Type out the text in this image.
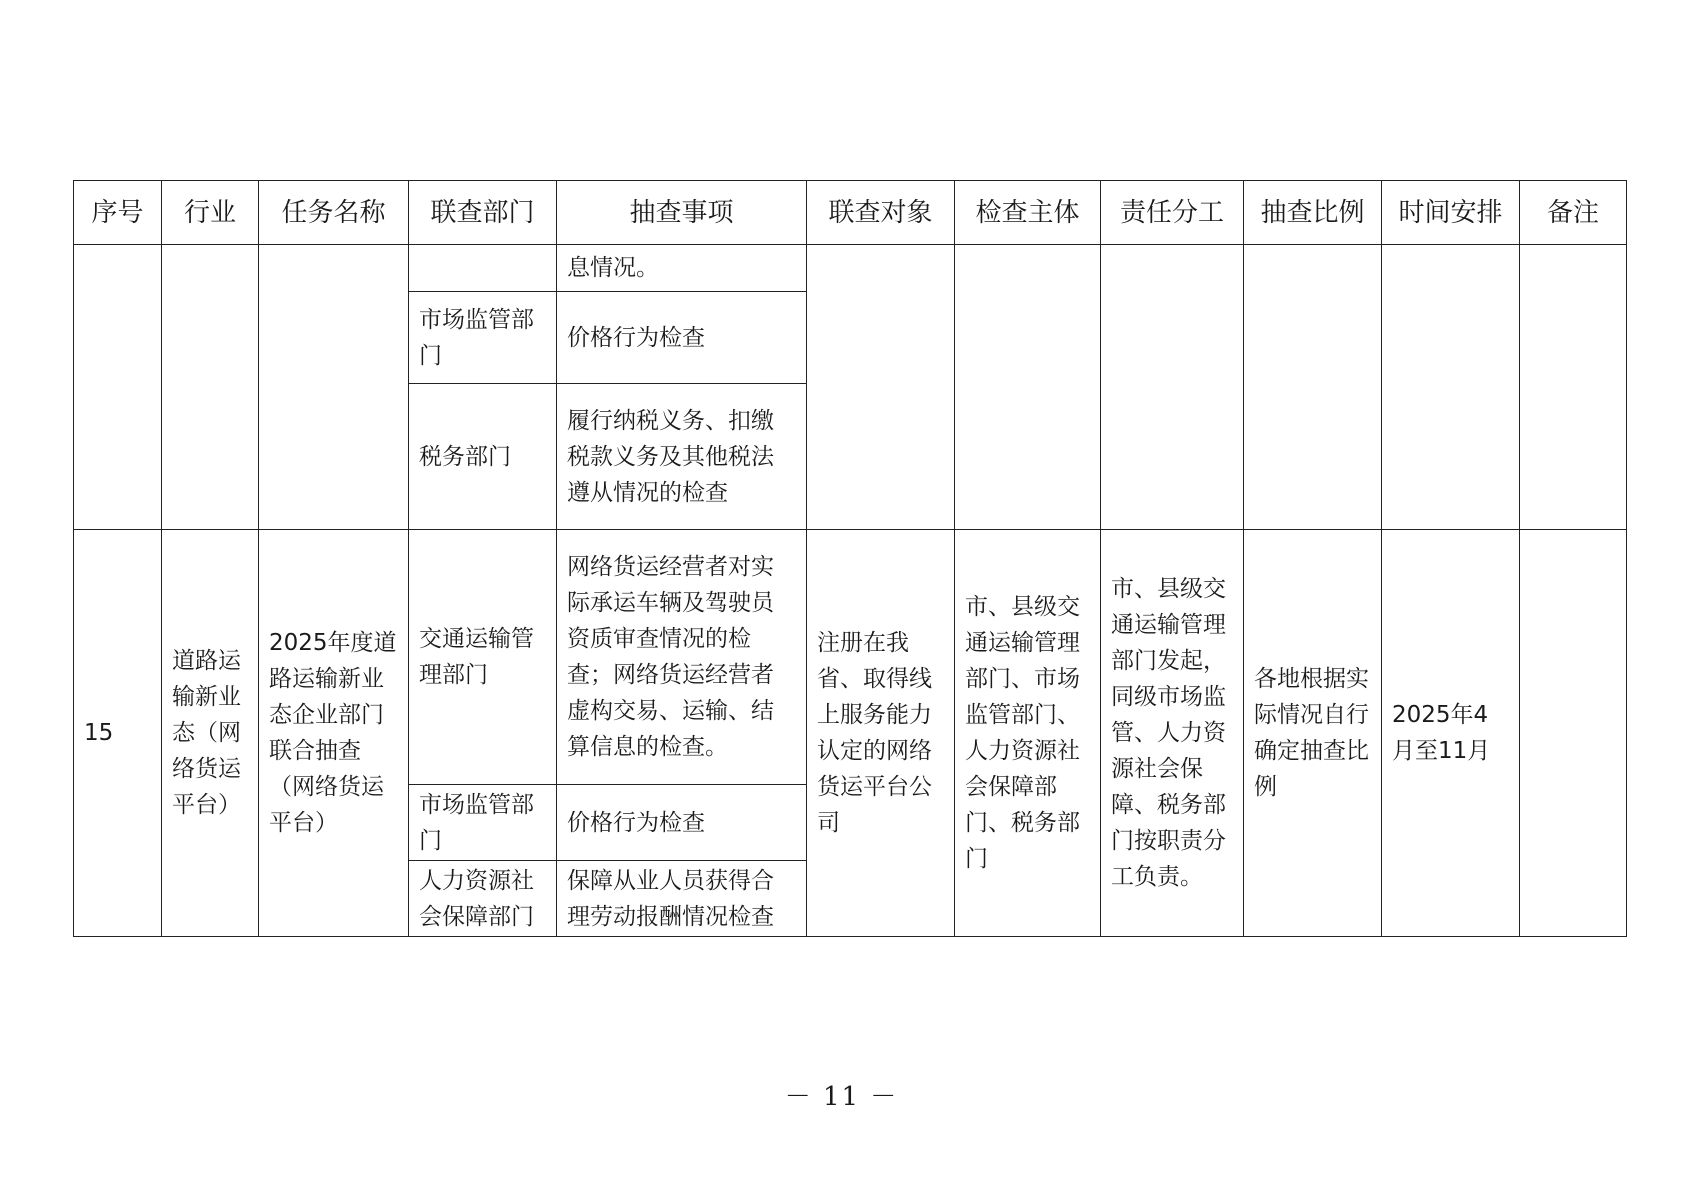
序号	行业	任务名称	联查部门	抽查事项	联查对象	检查主体	责任分工	抽查比例	时间安排	备注
				息情况。						
			市场监管部门	价格行为检查						
			税务部门	履行纳税义务、扣缴税款义务及其他税法遵从情况的检查						
15	道路运输新业态（网络货运平台）	2025年度道路运输新业态企业部门联合抽查（网络货运平台）	交通运输管理部门	网络货运经营者对实际承运车辆及驾驶员资质审查情况的检查；网络货运经营者虚构交易、运输、结算信息的检查。	注册在我省、取得线上服务能力认定的网络货运平台公司	市、县级交通运输管理部门、市场监管部门、人力资源社会保障部门、税务部门	市、县级交通运输管理部门发起，同级市场监管、人力资源社会保障、税务部门按职责分工负责。	各地根据实际情况自行确定抽查比例	2025年4月至11月	
			市场监管部门	价格行为检查						
			人力资源社会保障部门	保障从业人员获得合理劳动报酬情况检查						
－ 11 －
